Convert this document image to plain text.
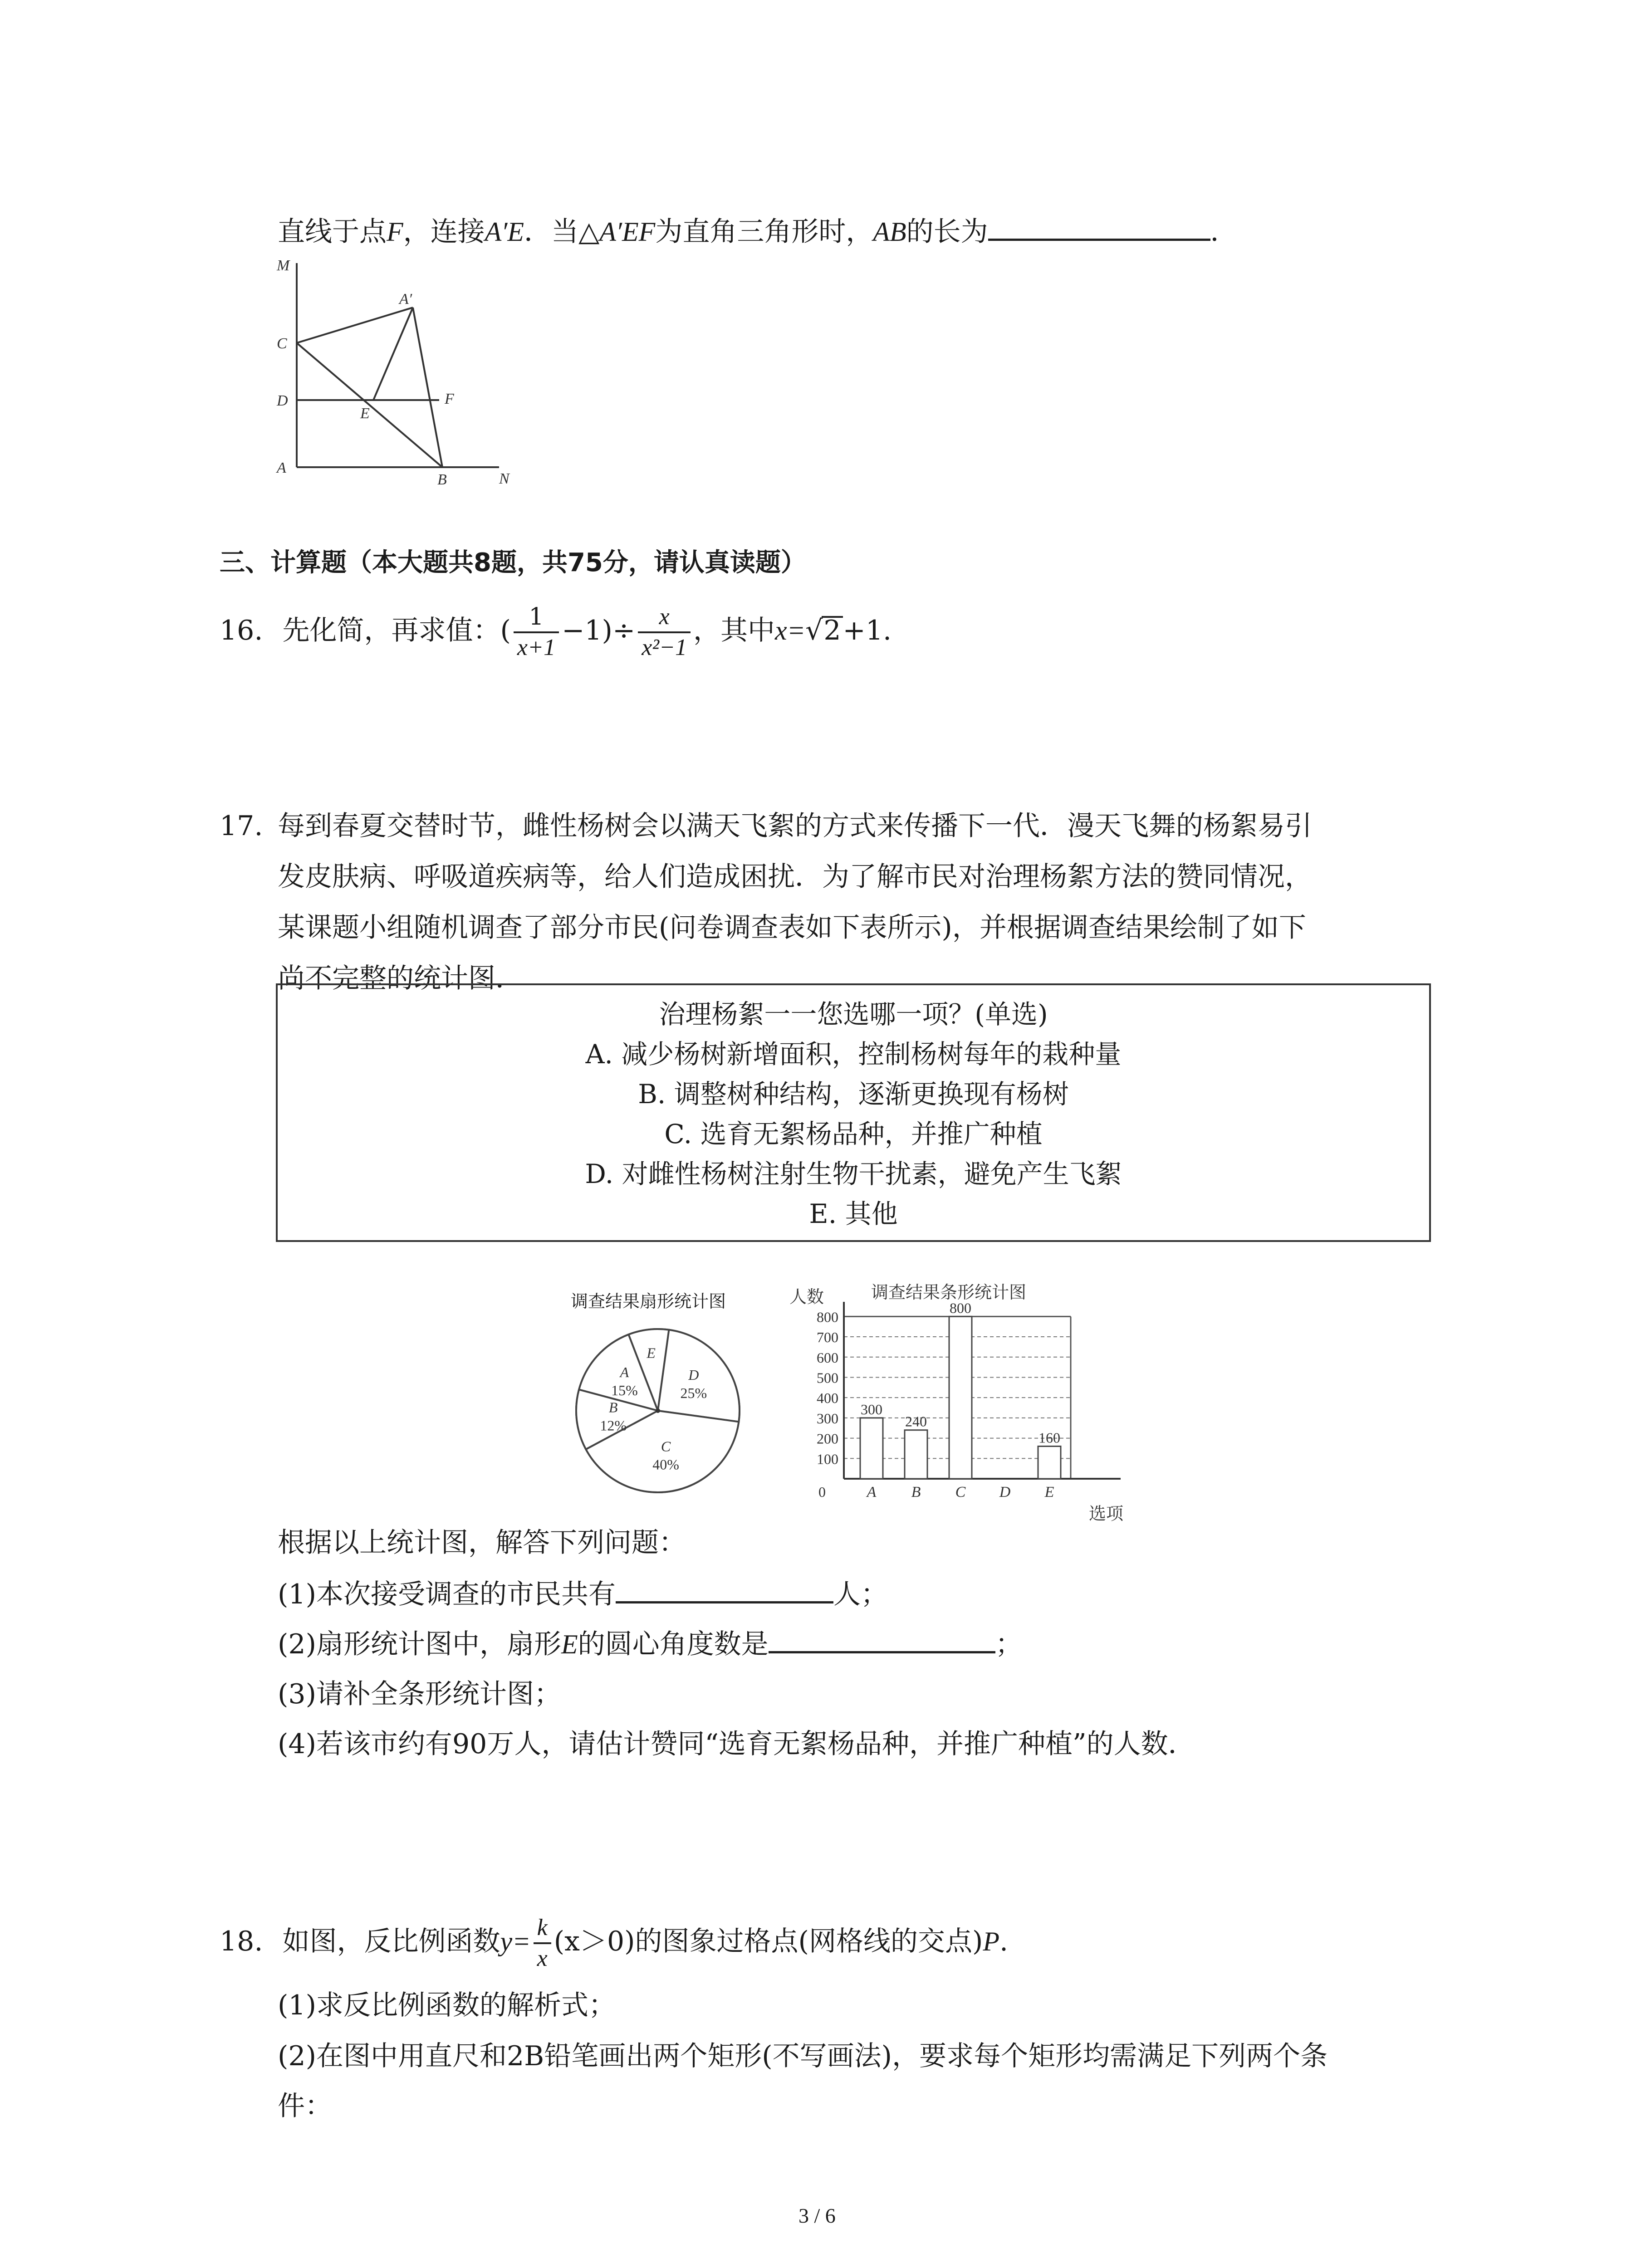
直线于点F，连接A′E．当△A′EF为直角三角形时，AB的长为	．
M
A′
C
D
E
F
A
B	N
三、计算题（本大题共8题，共75分，请认真读题）
16. 先化简，再求值：( $\frac{1}{x+1} -1)\div \frac{x}{\text{x²−1}}$ ，其中x=√2+1.
17. 每到春夏交替时节，雌性杨树会以满天飞絮的方式来传播下一代．漫天飞舞的杨絮易引
发皮肤病、呼吸道疾病等，给人们造成困扰．为了解市民对治理杨絮方法的赞同情况，
某课题小组随机调查了部分市民(问卷调查表如下表所示)，并根据调查结果绘制了如下
尚不完整的统计图．
治理杨絮一一您选哪一项？(单选)
A. 减少杨树新增面积，控制杨树每年的栽种量
B. 调整树种结构，逐渐更换现有杨树
C. 选育无絮杨品种，并推广种植
D. 对雌性杨树注射生物干扰素，避免产生飞絮
E. 其他
调查结果扇形统计图
A
15%
E
D
25%
C
40%
B
12%
调查结果条形统计图
人数
选项
0
100
200
300
400
500
600
700
800
300
A
240
B
800
C D
160
E
根据以上统计图，解答下列问题：
(1)本次接受调查的市民共有	人；
(2)扇形统计图中，扇形E的圆心角度数是	；
(3)请补全条形统计图；
(4)若该市约有90万人，请估计赞同“选育无絮杨品种，并推广种植”的人数．
18. 如图，反比例函数$y= \frac{k}{x} (x>0)$的图象过格点(网格线的交点)P.
(1)求反比例函数的解析式；
(2)在图中用直尺和2B铅笔画出两个矩形(不写画法)，要求每个矩形均需满足下列两个条
件：
3 / 6
